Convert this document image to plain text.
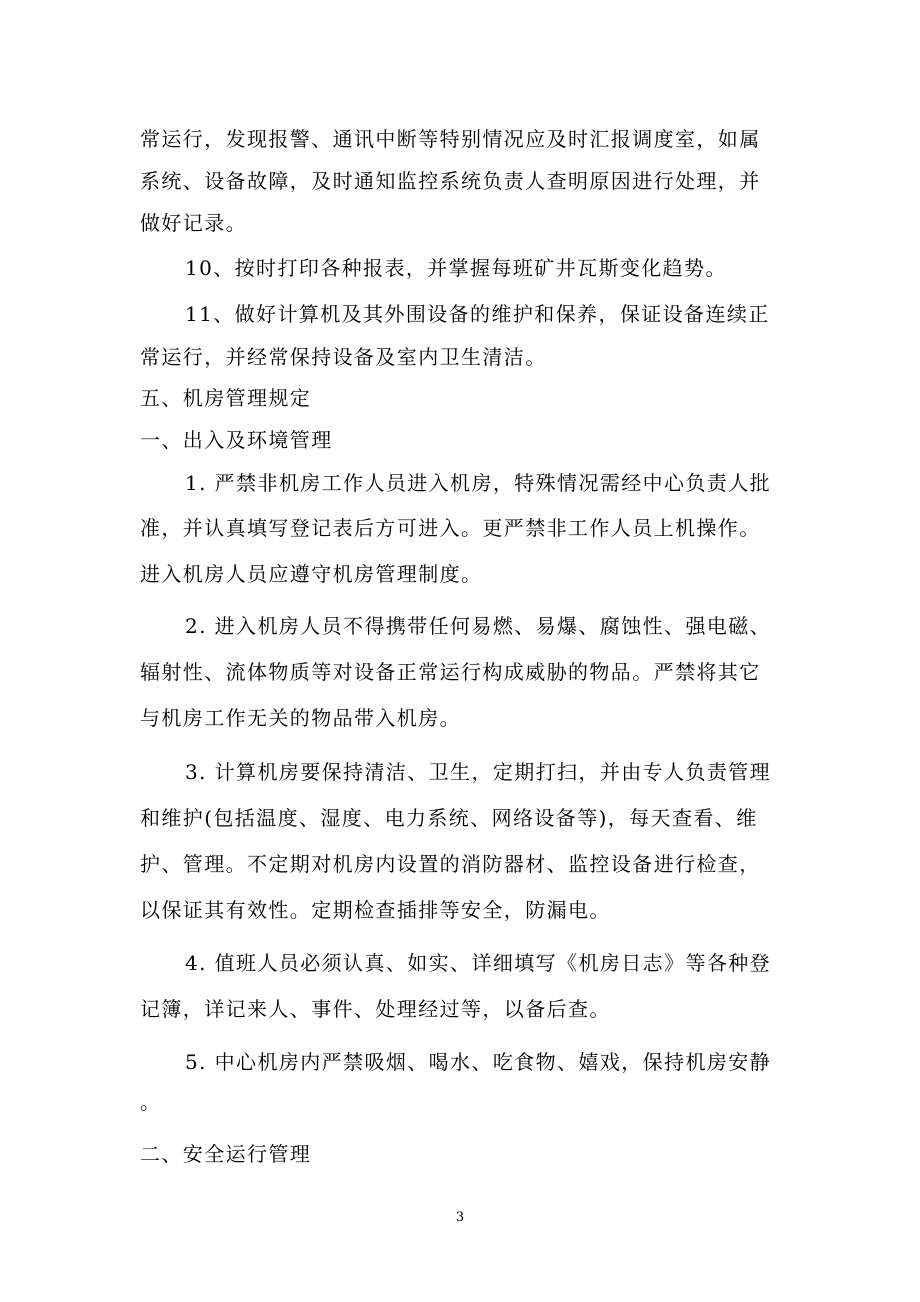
常运行，发现报警、通讯中断等特别情况应及时汇报调度室，如属
系统、设备故障，及时通知监控系统负责人查明原因进行处理，并
做好记录。
10、按时打印各种报表，并掌握每班矿井瓦斯变化趋势。
11、做好计算机及其外围设备的维护和保养，保证设备连续正
常运行，并经常保持设备及室内卫生清洁。
五、机房管理规定
一、出入及环境管理
1. 严禁非机房工作人员进入机房，特殊情况需经中心负责人批
准，并认真填写登记表后方可进入。更严禁非工作人员上机操作。
进入机房人员应遵守机房管理制度。
2. 进入机房人员不得携带任何易燃、易爆、腐蚀性、强电磁、
辐射性、流体物质等对设备正常运行构成威胁的物品。严禁将其它
与机房工作无关的物品带入机房。
3. 计算机房要保持清洁、卫生，定期打扫，并由专人负责管理
和维护(包括温度、湿度、电力系统、网络设备等)，每天查看、维
护、管理。不定期对机房内设置的消防器材、监控设备进行检查，
以保证其有效性。定期检查插排等安全，防漏电。
4. 值班人员必须认真、如实、详细填写《机房日志》等各种登
记簿，详记来人、事件、处理经过等，以备后查。
5. 中心机房内严禁吸烟、喝水、吃食物、嬉戏，保持机房安静
。
二、安全运行管理
3
